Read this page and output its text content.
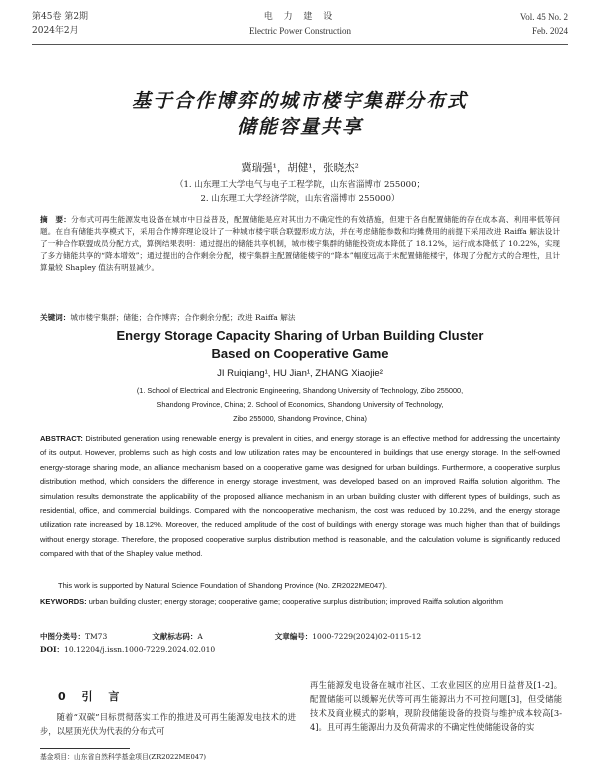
第45卷 第2期
2024年2月
电 力 建 设
Electric Power Construction
Vol. 45 No. 2
Feb. 2024
基于合作博弈的城市楼宇集群分布式
储能容量共享
冀瑞强¹，胡健¹，张晓杰²
（1. 山东理工大学电气与电子工程学院，山东省淄博市 255000；
2. 山东理工大学经济学院，山东省淄博市 255000）
摘　要：分布式可再生能源发电设备在城市中日益普及，配置储能是应对其出力不确定性的有效措施，但建于各自配置储能的存在成本高、利用率低等问题。在自有储能共享模式下，采用合作博弈理论设计了一种城市楼宇联合联盟形成方法，并在考虑储能参数和均摊费用的前提下采用改进 Raiffa 解法设计了一种合作联盟成员分配方式，算例结果表明：通过提出的储能共享机制，城市楼宇集群的储能投资成本降低了 18.12%，运行成本降低了 10.22%，实现了多方储能共享的“降本增效”；通过提出的合作剩余分配，楼宇集群主配置储能楼宇的“降本”幅度远高于未配置储能楼宇，体现了分配方式的合理性，且计算量较 Shapley 值法有明显减少。
关键词：城市楼宇集群；储能；合作博弈；合作剩余分配；改进 Raiffa 解法
Energy Storage Capacity Sharing of Urban Building Cluster
Based on Cooperative Game
JI Ruiqiang¹, HU Jian¹, ZHANG Xiaojie²
(1. School of Electrical and Electronic Engineering, Shandong University of Technology, Zibo 255000,
Shandong Province, China; 2. School of Economics, Shandong University of Technology,
Zibo 255000, Shandong Province, China)
ABSTRACT: Distributed generation using renewable energy is prevalent in cities, and energy storage is an effective method for addressing the uncertainty of its output. However, problems such as high costs and low utilization rates may be encountered in buildings that use energy storage. In the self-owned energy-storage sharing mode, an alliance mechanism based on a cooperative game was designed for urban buildings. Furthermore, a cooperative surplus distribution method, which considers the difference in energy storage investment, was developed based on an improved Raiffa solution algorithm. The simulation results demonstrate the applicability of the proposed alliance mechanism in an urban building cluster with different types of buildings, such as residential, office, and commercial buildings. Compared with the noncooperative mechanism, the cost was reduced by 10.22%, and the energy storage utilization rate increased by 18.12%. Moreover, the reduced amplitude of the cost of buildings with energy storage was much higher than that of buildings without energy storage. Therefore, the proposed cooperative surplus distribution method is reasonable, and the calculation volume is significantly reduced compared with that of the Shapley value method.
This work is supported by Natural Science Foundation of Shandong Province (No. ZR2022ME047).
KEYWORDS: urban building cluster; energy storage; cooperative game; cooperative surplus distribution; improved Raiffa solution algorithm
中图分类号：TM73	文献标志码：A	文章编号：1000-7229(2024)02-0115-12
DOI：10.12204/j.issn.1000-7229.2024.02.010
0 引 言
随着“双碳”目标贯彻落实工作的推进及可再生能源发电技术的进步，以屋顶光伏为代表的分布式可
再生能源发电设备在城市社区、工农业园区的应用日益普及[1-2]。配置储能可以缓解光伏等可再生能源出力不可控问题[3]，但受储能技术及商业模式的影响，现阶段储能设备的投资与维护成本较高[3-4]。且可再生能源出力及负荷需求的不确定性使储能设备的实
基金项目：山东省自然科学基金项目(ZR2022ME047)
